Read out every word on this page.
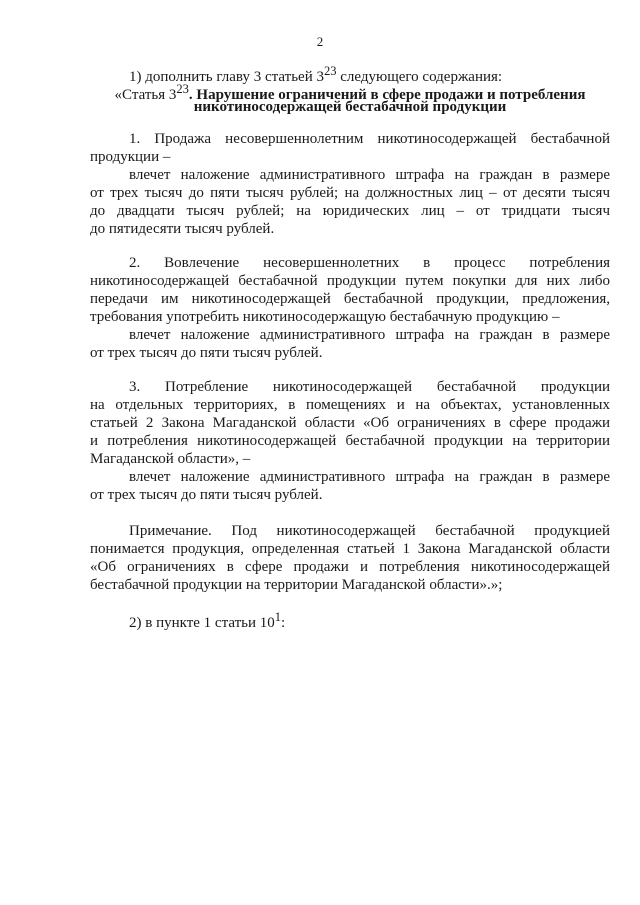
2
1) дополнить главу 3 статьей $3^{23}$ следующего содержания:
«Статья $3^{23}$. Нарушение ограничений в сфере продажи и потребления
никотиносодержащей бестабачной продукции
1. Продажа несовершеннолетним никотиносодержащей бестабачной
продукции –
влечет наложение административного штрафа на граждан в размере
от трех тысяч до пяти тысяч рублей; на должностных лиц – от десяти тысяч
до двадцати тысяч рублей; на юридических лиц – от тридцати тысяч
до пятидесяти тысяч рублей.
2. Вовлечение несовершеннолетних в процесс потребления
никотиносодержащей бестабачной продукции путем покупки для них либо
передачи им никотиносодержащей бестабачной продукции, предложения,
требования употребить никотиносодержащую бестабачную продукцию –
влечет наложение административного штрафа на граждан в размере
от трех тысяч до пяти тысяч рублей.
3. Потребление никотиносодержащей бестабачной продукции
на отдельных территориях, в помещениях и на объектах, установленных
статьей 2 Закона Магаданской области «Об ограничениях в сфере продажи
и потребления никотиносодержащей бестабачной продукции на территории
Магаданской области», –
влечет наложение административного штрафа на граждан в размере
от трех тысяч до пяти тысяч рублей.
Примечание. Под никотиносодержащей бестабачной продукцией
понимается продукция, определенная статьей 1 Закона Магаданской области
«Об ограничениях в сфере продажи и потребления никотиносодержащей
бестабачной продукции на территории Магаданской области».»;
2) в пункте 1 статьи $10^1$:
